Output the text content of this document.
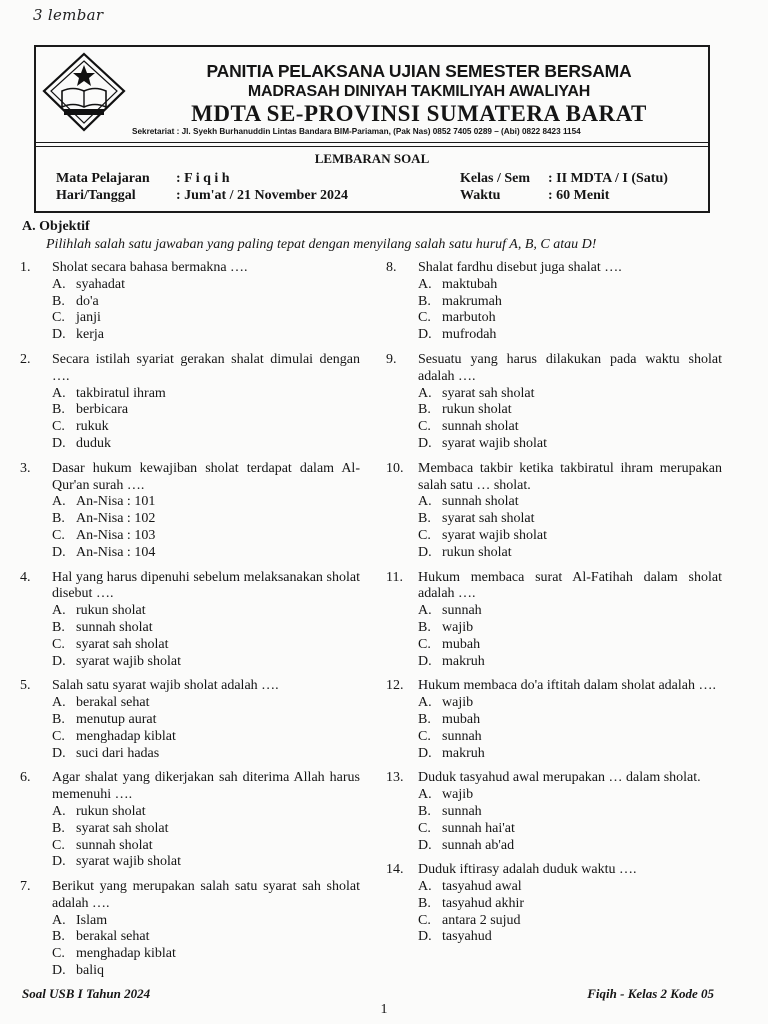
3 lembar
PANITIA PELAKSANA UJIAN SEMESTER BERSAMA
MADRASAH DINIYAH TAKMILIYAH AWALIYAH
MDTA SE-PROVINSI SUMATERA BARAT
Sekretariat : Jl. Syekh Burhanuddin Lintas Bandara BIM-Pariaman, (Pak Nas) 0852 7405 0289 – (Abi) 0822 8423 1154
LEMBARAN SOAL
Mata Pelajaran : F i q i h
Hari/Tanggal	: Jum'at / 21 November 2024
Kelas / Sem : II MDTA / I (Satu)
Waktu	: 60 Menit
A. Objektif
Pilihlah salah satu jawaban yang paling tepat dengan menyilang salah satu huruf A, B, C atau D!
1.	Sholat secara bahasa bermakna ….
A. syahadat
B. do'a
C. janji
D. kerja
2.	Secara istilah syariat gerakan shalat dimulai dengan ….
A. takbiratul ihram
B. berbicara
C. rukuk
D. duduk
3.	Dasar hukum kewajiban sholat terdapat dalam Al-Qur'an surah ….
A. An-Nisa : 101
B. An-Nisa : 102
C. An-Nisa : 103
D. An-Nisa : 104
4.	Hal yang harus dipenuhi sebelum melaksanakan sholat disebut ….
A. rukun sholat
B. sunnah sholat
C. syarat sah sholat
D. syarat wajib sholat
5.	Salah satu syarat wajib sholat adalah ….
A. berakal sehat
B. menutup aurat
C. menghadap kiblat
D. suci dari hadas
6.	Agar shalat yang dikerjakan sah diterima Allah harus memenuhi ….
A. rukun sholat
B. syarat sah sholat
C. sunnah sholat
D. syarat wajib sholat
7.	Berikut yang merupakan salah satu syarat sah sholat adalah ….
A. Islam
B. berakal sehat
C. menghadap kiblat
D. baliq
8.	Shalat fardhu disebut juga shalat ….
A. maktubah
B. makrumah
C. marbutoh
D. mufrodah
9.	Sesuatu yang harus dilakukan pada waktu sholat adalah ….
A. syarat sah sholat
B. rukun sholat
C. sunnah sholat
D. syarat wajib sholat
10.	Membaca takbir ketika takbiratul ihram merupakan salah satu … sholat.
A. sunnah sholat
B. syarat sah sholat
C. syarat wajib sholat
D. rukun sholat
11.	Hukum membaca surat Al-Fatihah dalam sholat adalah ….
A. sunnah
B. wajib
C. mubah
D. makruh
12.	Hukum membaca do'a iftitah dalam sholat adalah ….
A. wajib
B. mubah
C. sunnah
D. makruh
13.	Duduk tasyahud awal merupakan … dalam sholat.
A. wajib
B. sunnah
C. sunnah hai'at
D. sunnah ab'ad
14.	Duduk iftirasy adalah duduk waktu ….
A. tasyahud awal
B. tasyahud akhir
C. antara 2 sujud
D. tasyahud
Soal USB I Tahun 2024	Fiqih - Kelas 2 Kode 05
1
